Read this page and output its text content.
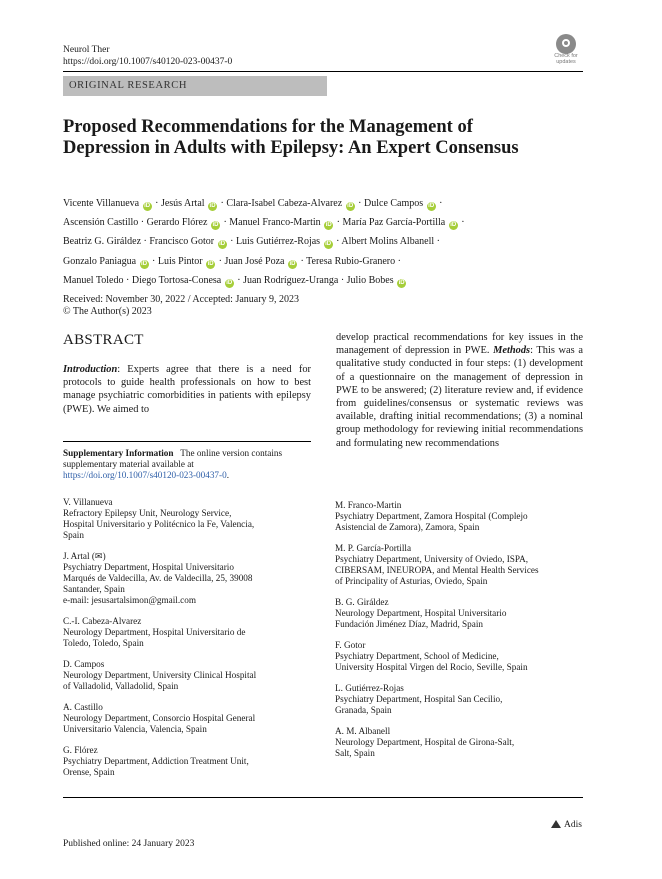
Neurol Ther
https://doi.org/10.1007/s40120-023-00437-0
Check for
updates
ORIGINAL RESEARCH
Proposed Recommendations for the Management of Depression in Adults with Epilepsy: An Expert Consensus
Vicente Villanueva iD · Jesús Artal iD · Clara-Isabel Cabeza-Alvarez iD · Dulce Campos iD ·
Ascensión Castillo · Gerardo Flórez iD · Manuel Franco-Martin iD · María Paz García-Portilla iD ·
Beatriz G. Giráldez · Francisco Gotor iD · Luis Gutiérrez-Rojas iD · Albert Molins Albanell ·
Gonzalo Paniagua iD · Luis Pintor iD · Juan José Poza iD · Teresa Rubio-Granero ·
Manuel Toledo · Diego Tortosa-Conesa iD · Juan Rodríguez-Uranga · Julio Bobes iD
Received: November 30, 2022 / Accepted: January 9, 2023
© The Author(s) 2023
ABSTRACT
Introduction: Experts agree that there is a need for protocols to guide health professionals on how to best manage psychiatric comorbidities in patients with epilepsy (PWE). We aimed to
develop practical recommendations for key issues in the management of depression in PWE. Methods: This was a qualitative study conducted in four steps: (1) development of a questionnaire on the management of depression in PWE to be answered; (2) literature review and, if evidence from guidelines/consensus or systematic reviews was available, drafting initial recommendations; (3) a nominal group methodology for reviewing initial recommendations and formulating new recommendations
Supplementary Information The online version contains supplementary material available at https://doi.org/10.1007/s40120-023-00437-0.
V. Villanueva
Refractory Epilepsy Unit, Neurology Service,
Hospital Universitario y Politécnico la Fe, Valencia,
Spain
J. Artal (✉)
Psychiatry Department, Hospital Universitario
Marqués de Valdecilla, Av. de Valdecilla, 25, 39008
Santander, Spain
e-mail: jesusartalsimon@gmail.com
C.-I. Cabeza-Alvarez
Neurology Department, Hospital Universitario de
Toledo, Toledo, Spain
D. Campos
Neurology Department, University Clinical Hospital
of Valladolid, Valladolid, Spain
A. Castillo
Neurology Department, Consorcio Hospital General
Universitario Valencia, Valencia, Spain
G. Flórez
Psychiatry Department, Addiction Treatment Unit,
Orense, Spain
M. Franco-Martin
Psychiatry Department, Zamora Hospital (Complejo
Asistencial de Zamora), Zamora, Spain
M. P. García-Portilla
Psychiatry Department, University of Oviedo, ISPA,
CIBERSAM, INEUROPA, and Mental Health Services
of Principality of Asturias, Oviedo, Spain
B. G. Giráldez
Neurology Department, Hospital Universitario
Fundación Jiménez Díaz, Madrid, Spain
F. Gotor
Psychiatry Department, School of Medicine,
University Hospital Virgen del Rocio, Seville, Spain
L. Gutiérrez-Rojas
Psychiatry Department, Hospital San Cecilio,
Granada, Spain
A. M. Albanell
Neurology Department, Hospital de Girona-Salt,
Salt, Spain
Adis
Published online: 24 January 2023
